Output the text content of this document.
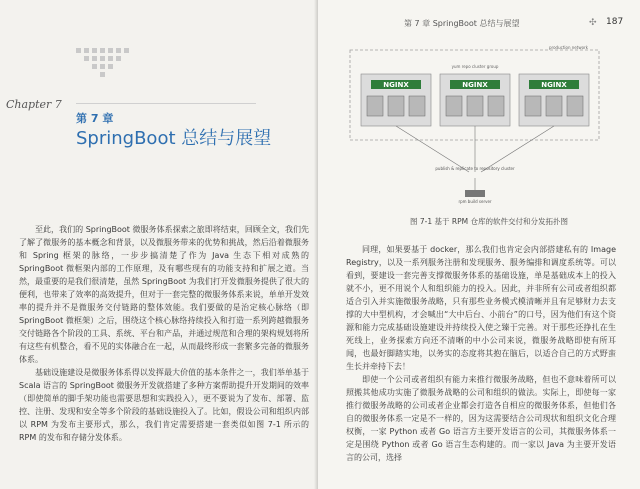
Chapter 7
第 7 章
SpringBoot 总结与展望

至此，我们的 SpringBoot 微服务体系探索之旅即将结束，回顾全文，我们先了解了微服务的基本概念和背景，以及微服务带来的优势和挑战，然后沿着微服务和 Spring 框架的脉络，一步步搞清楚了作为 Java 生态下相对成熟的 SpringBoot 微框架内部的工作原理，及有哪些现有的功能支持和扩展之道。当然，最重要的是我们很清楚，虽然 SpringBoot 为我们打开发微服务提供了很大的便利，也带来了效率的高效提升，但对于一套完整的微服务体系来说，单单开发效率的提升并不是微服务交付链路的整体效能。我们要做的是治定核心脉络（即 SpringBoot 微框架）之后，围绕这个核心脉络持续投入和打造一系列跨越微服务交付链路各个阶段的工具、系统、平台和产品，并通过规范和合理的架构规划将所有这些有机整合，看不见的实体融合在一起，从而最终形成一套繁多完备的微服务体系。

基础设施建设是微服务体系得以发挥最大价值的基本条件之一，我们举单基于 Scala 语言的 SpringBoot 微服务开发就搭建了多种方案帮助提升开发期间的效率（即使简单的脚手架功能也需要思想和实践投入），更不要说为了发布、部署、监控、注册、发现和安全等多个阶段的基础设施投入了。比如，假设公司和组织内部以 RPM 为发布主要形式，那么，我们肯定需要搭建一套类似如图 7-1 所示的 RPM 的发布和存储分发体系。

第 7 章 SpringBoot 总结与展望	✣ 187
production network
NGINX	NGINX	NGINX
yum repo cluster group
publish & replicate to repository cluster
rpm build server
图 7-1 基于 RPM 仓库的软件交付和分发拓扑图

同理，如果要基于 docker，那么我们也肯定会内部搭建私有的 Image Registry，以及一系列服务注册和发现服务、服务编排和调度系统等。可以看到，要建设一套完善支撑微服务体系的基础设施，单是基础成本上的投入就不小，更不用说个人和组织能力的投入。因此，并非所有公司或者组织都适合引入并实施微服务战略，只有那些业务模式模清晰并且有足够财力去支撑的大中型机构，才会喊出“大中后台、小前台”的口号，因为他们有这个资源和能力完成基础设施建设并持续投入使之臻于完善。对于那些还挣扎在生死线上，业务探索方向还不清晰的中小公司来说，微服务战略即使有所耳闻，也最好脚踏实地，以务实的态度将其抱在脑后，以适合自己的方式野蛮生长并牵持下去！

即使一个公司或者组织有能力来推行微服务战略，但也不意味着所可以照搬其他成功实施了微服务战略的公司和组织的做法。实际上，即使每一家推行微服务战略的公司或者企业都会打造各自相应的微服务体系，但他们各自的微服务体系一定是不一样的，因为这需要结合公司现状和组织文化合理权衡，一家 Python 或者 Go 语言方主要开发语言的公司，其微服务体系一定是围绕 Python 或者 Go 语言生态构建的。而一家以 Java 为主要开发语言的公司，选择
